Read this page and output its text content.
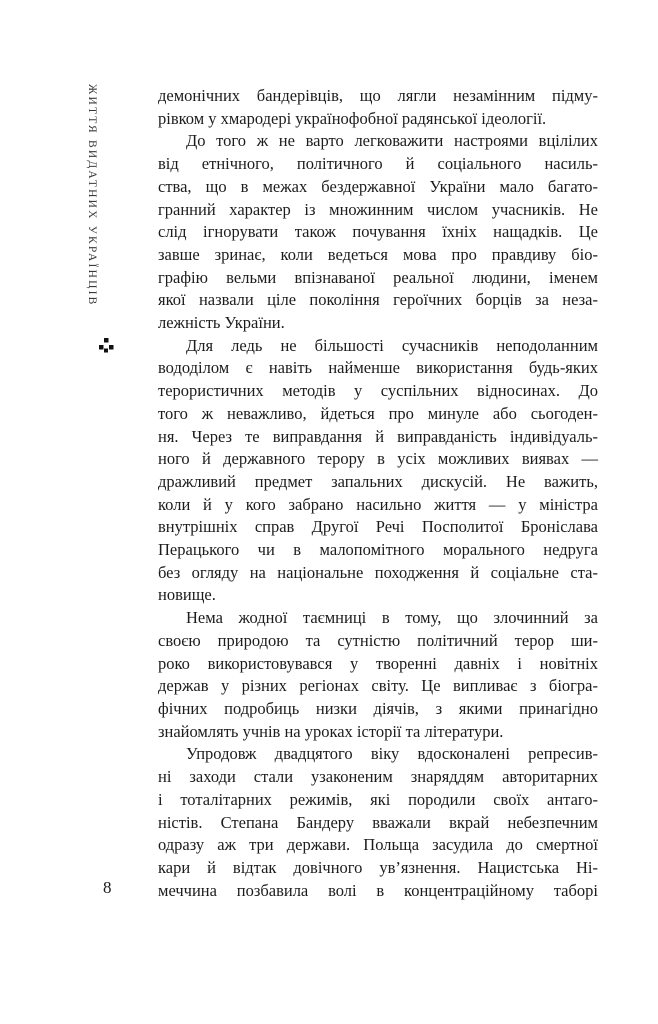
ЖИТТЯ ВИДАТНИХ УКРАЇНЦІВ
8
демонічних бандерівців, що лягли незамінним підму-
рівком у хмародері українофобної радянської ідеології.
До того ж не варто легковажити настроями вцілілих
від етнічного, політичного й соціального насиль-
ства, що в межах бездержавної України мало багато-
гранний характер із множинним числом учасників. Не
слід ігнорувати також почування їхніх нащадків. Це
завше зринає, коли ведеться мова про правдиву біо-
графію вельми впізнаваної реальної людини, іменем
якої назвали ціле покоління героїчних борців за неза-
лежність України.
Для ледь не більшості сучасників неподоланним
вододілом є навіть найменше використання будь-яких
терористичних методів у суспільних відносинах. До
того ж неважливо, йдеться про минуле або сьогоден-
ня. Через те виправдання й виправданість індивідуаль-
ного й державного терору в усіх можливих виявах —
дражливий предмет запальних дискусій. Не важить,
коли й у кого забрано насильно життя — у міністра
внутрішніх справ Другої Речі Посполитої Броніслава
Перацького чи в малопомітного морального недруга
без огляду на національне походження й соціальне ста-
новище.
Нема жодної таємниці в тому, що злочинний за
своєю природою та сутністю політичний терор ши-
роко використовувався у творенні давніх і новітніх
держав у різних регіонах світу. Це випливає з біогра-
фічних подробиць низки діячів, з якими принагідно
знайомлять учнів на уроках історії та літератури.
Упродовж двадцятого віку вдосконалені репресив-
ні заходи стали узаконеним знаряддям авторитарних
і тоталітарних режимів, які породили своїх антаго-
ністів. Степана Бандеру вважали вкрай небезпечним
одразу аж три держави. Польща засудила до смертної
кари й відтак довічного ув’язнення. Нацистська Ні-
меччина позбавила волі в концентраційному таборі
